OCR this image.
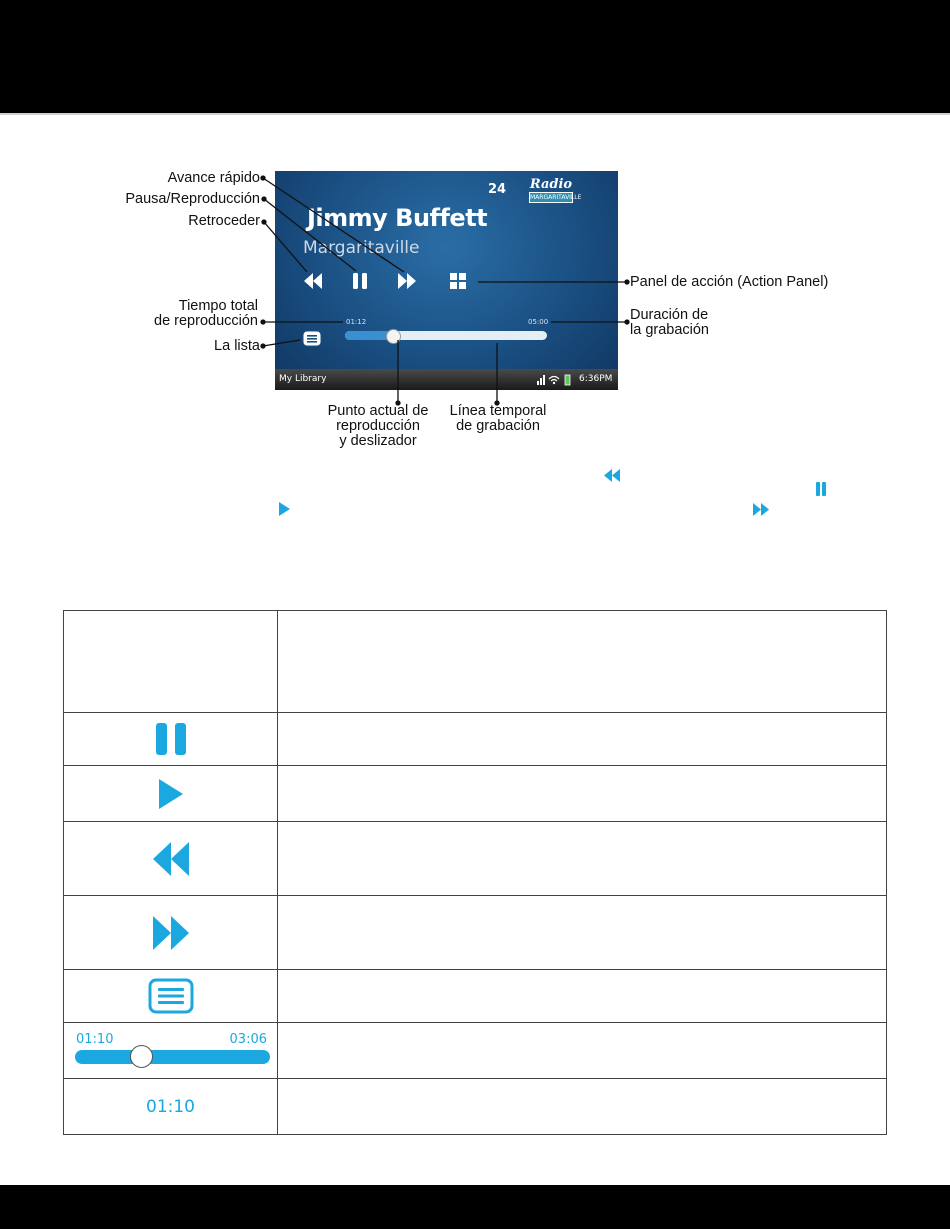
24 Radio
MARGARITAVILLE
Jimmy Buffett
Margaritaville
01:12	05:00
My Library	6:36PM
Avance rápido
Pausa/Reproducción
Retroceder
Tiempo total
de reproducción
La lista
Panel de acción (Action Panel)
Duración de
la grabación
Punto actual de
reproducción
y deslizador
Línea temporal
de grabación

01:10 03:06	

01:10	
